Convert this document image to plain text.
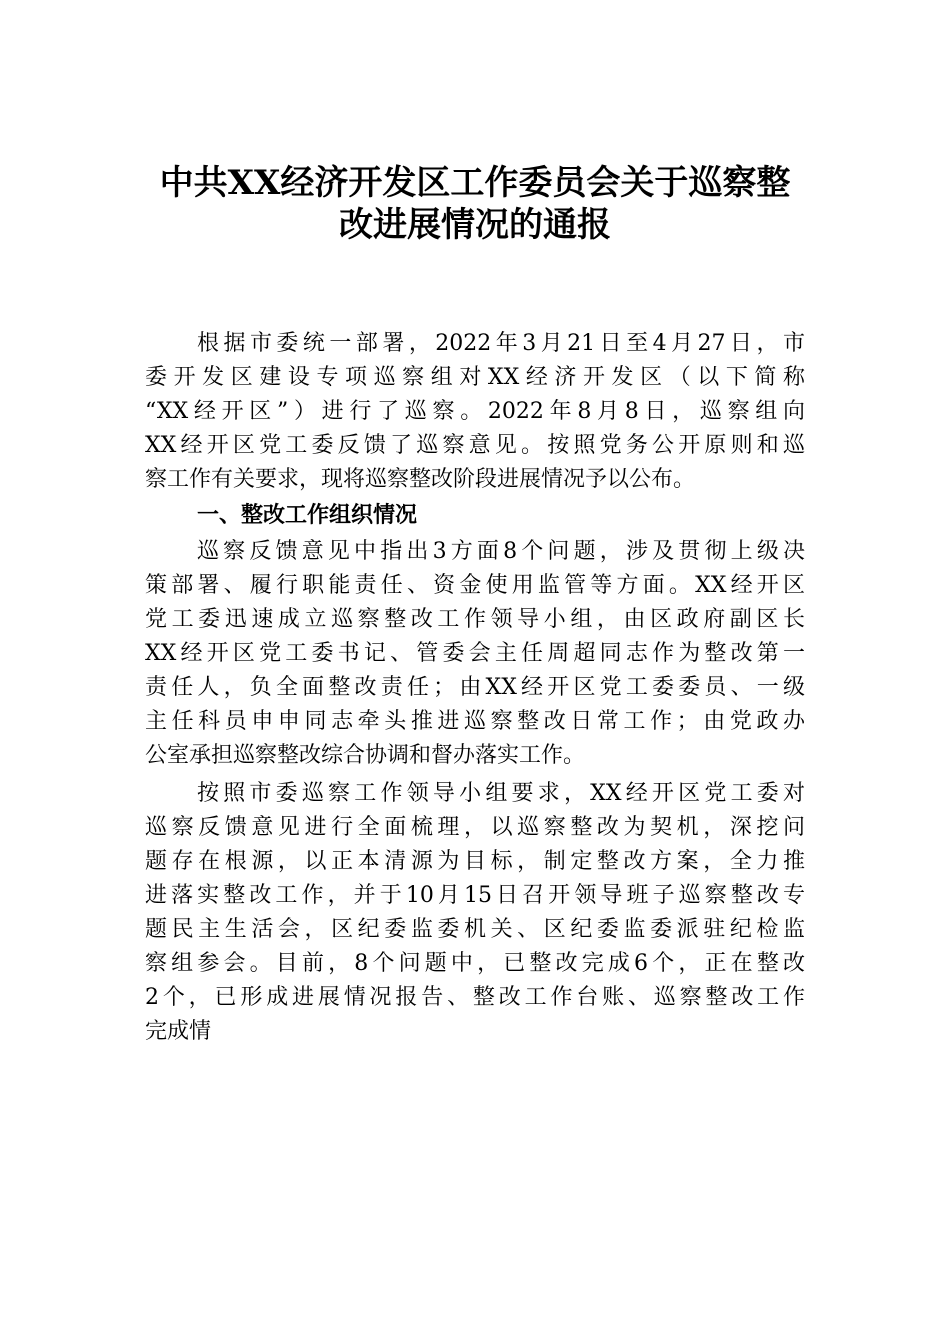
中共XX经济开发区工作委员会关于巡察整
改进展情况的通报
根据市委统一部署，2022年3月21日至4月27日，市
委开发区建设专项巡察组对XX经济开发区（以下简称
“XX经开区”）进行了巡察。2022年8月8日，巡察组向
XX经开区党工委反馈了巡察意见。按照党务公开原则和巡
察工作有关要求，现将巡察整改阶段进展情况予以公布。
一、整改工作组织情况
巡察反馈意见中指出3方面8个问题，涉及贯彻上级决
策部署、履行职能责任、资金使用监管等方面。XX经开区
党工委迅速成立巡察整改工作领导小组，由区政府副区长
XX经开区党工委书记、管委会主任周超同志作为整改第一
责任人，负全面整改责任；由XX经开区党工委委员、一级
主任科员申申同志牵头推进巡察整改日常工作；由党政办
公室承担巡察整改综合协调和督办落实工作。
按照市委巡察工作领导小组要求，XX经开区党工委对
巡察反馈意见进行全面梳理，以巡察整改为契机，深挖问
题存在根源，以正本清源为目标，制定整改方案，全力推
进落实整改工作，并于10月15日召开领导班子巡察整改专
题民主生活会，区纪委监委机关、区纪委监委派驻纪检监
察组参会。目前，8个问题中，已整改完成6个，正在整改
2个，已形成进展情况报告、整改工作台账、巡察整改工作
完成情
